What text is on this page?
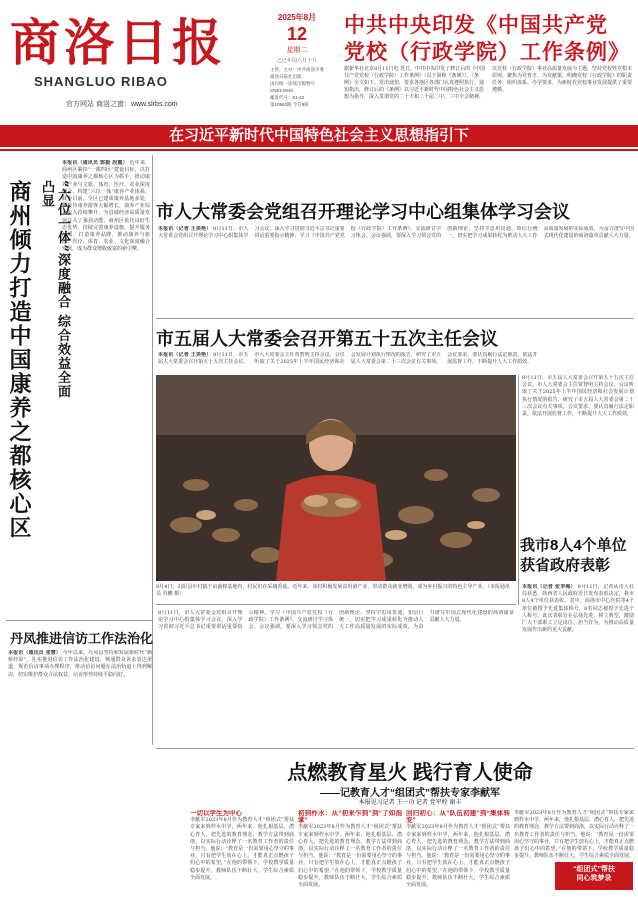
商洛日报
SHANGLUO RIBAO
官方网站 商洛之窗：www.slrbs.com
2025年8月
12
星期二
乙巳年闰六月十九
主管、主办：中共商洛市委
商洛日报社出版
国内统一连续出版物号
CN61-0046
邮发代号：51-42
第10963期 今日8版
中共中央印发《中国共产党
党校（行政学院）工作条例》
据新华社北京8月11日电 近日，中共中央印发了修订后的《中国共产党党校（行政学院）工作条例》（以下简称《条例》）。《条例》全文如下。发出通知，要求各地区各部门认真遵照执行。通知指出，修订后的《条例》以习近平新时代中国特色社会主义思想为指导，深入贯彻党的二十大和二十届二中、三中全会精神，以党校（行政学院）事业高质量发展为主题，坚持党校姓党根本原则，聚焦为党育才、为党献策，明确党校（行政学院）的职责任务、组织体系、办学要求，为新时代党校事业发展提供了重要遵循。
在习近平新时代中国特色社会主义思想指引下
商州倾力打造中国康养之都核心区	“六位一体”深度融合 综合效益全面凸显
本报讯（通讯员 郭毅 段霞） 近年来，商州区紧扣“一都四区”建设目标，以打造中国康养之都核心区为抓手，推动康养产业与文旅、体育、医疗、农业深度融合，构建“六位一体”康养产业体系。截至目前，全区已建成康养基地多处，年接待康养游客大幅增长，康养产业综合收入持续攀升，为县域经济高质量发展注入了强劲动能。商州区依托良好生态优势，持续完善康养设施，提升服务品质，打造康养品牌，推动康养与旅游、医疗、体育、农业、文化深度融合发展，成为群众增收致富的新引擎。
丹凤推进信访工作法治化
本报讯（通讯员 张慧） 今年以来，丹凤县坚持和发展新时代“枫桥经验”，扎实推进信访工作法治化建设，畅通群众诉求表达渠道，规范信访事项办理程序，推动信访问题在法治轨道上得到解决，切实维护群众合法权益，信访形势持续平稳向好。
市人大常委会党组召开理论学习中心组集体学习会议
本报讯（记者 王美艳） 8月11日，市人大常委会党组召开理论学习中心组集体学习会议，深入学习贯彻习近平总书记重要讲话重要指示精神，学习《中国共产党党校（行政学院）工作条例》，交流研讨学习体会。会议强调，要深入学习领会党的创新理论，坚持学思用贯通、知信行统一，切实把学习成果转化为推动人大工作高质量发展的实际成效，为奋力谱写中国式现代化建设的商洛篇章贡献人大力量。
市五届人大常委会召开第五十五次主任会议
本报讯（记者 王美艳） 8月11日，市五届人大常委会召开第五十五次主任会议。市人大常委会主任贾智明主持会议，会议听取了关于2025年上半年国民经济和社会发展计划执行情况的报告，研究了市五届人大常委会第二十三次会议有关事项。会议要求，要认真履行法定职责，依法开展监督工作，不断提升人大工作质效。
8月4日，山阳县中村镇千亩菌棒基地内，村民们在采摘香菇。近年来，该村积极发展食用菌产业，带动群众就业增收，成为乡村振兴的特色主导产业。（本报通讯员 谷鹏 摄）
我市8人4个单位获省政府表彰
本报讯（记者 张李梅） 8月11日，记者从市人社局获悉，陕西省人民政府近日发布表彰决定，我市8人4个单位获表彰。其中，商洛市中心医院等4个单位被授予先进集体称号，8名同志被授予先进个人称号。此次表彰旨在弘扬先进、树立典型，激励广大干部职工立足岗位、担当作为，为推动高质量发展作出新的更大贡献。
8月11日，市五届人大常委会召开第五十五次主任会议。市人大常委会主任贾智明主持会议，会议听取了关于2025年上半年国民经济和社会发展计划执行情况的报告，研究了市五届人大常委会第二十三次会议有关事项。会议要求，要认真履行法定职责，依法开展监督工作，不断提升人大工作质效。
8月11日，市人大常委会党组召开理论学习中心组集体学习会议，深入学习贯彻习近平总书记重要讲话重要指示精神，学习《中国共产党党校（行政学院）工作条例》，交流研讨学习体会。会议强调，要深入学习领会党的创新理论，坚持学思用贯通、知信行统一，切实把学习成果转化为推动人大工作高质量发展的实际成效，为奋力谱写中国式现代化建设的商洛篇章贡献人大力量。
点燃教育星火 践行育人使命
——记教育人才“组团式”帮扶专家李献军
本报见习记者 王一功 记者 党军栓 谢丰
一切以学生为中心
李献军2023年8月作为教育人才“组团式”帮扶专家来到柞水中学，两年来，他扎根基层、潜心育人，把先进的教育理念、教学方法带到商洛，以实际行动诠释了一名教育工作者的责任与担当。他说：“教育是一份需要用心坚守的事业，只有把学生放在心上，才能真正点燃孩子们心中的希望。”在他的带领下，学校教学质量稳步提升，教师队伍不断壮大，学生综合素质全面发展。
初到柞水：从“初来乍到”到“了如指掌”
李献军2023年8月作为教育人才“组团式”帮扶专家来到柞水中学，两年来，他扎根基层、潜心育人，把先进的教育理念、教学方法带到商洛，以实际行动诠释了一名教育工作者的责任与担当。他说：“教育是一份需要用心坚守的事业，只有把学生放在心上，才能真正点燃孩子们心中的希望。”在他的带领下，学校教学质量稳步提升，教师队伍不断壮大，学生综合素质全面发展。
回归初心：从“队伍初建”到“集体转变”
李献军2023年8月作为教育人才“组团式”帮扶专家来到柞水中学，两年来，他扎根基层、潜心育人，把先进的教育理念、教学方法带到商洛，以实际行动诠释了一名教育工作者的责任与担当。他说：“教育是一份需要用心坚守的事业，只有把学生放在心上，才能真正点燃孩子们心中的希望。”在他的带领下，学校教学质量稳步提升，教师队伍不断壮大，学生综合素质全面发展。
李献军2023年8月作为教育人才“组团式”帮扶专家来到柞水中学，两年来，他扎根基层、潜心育人，把先进的教育理念、教学方法带到商洛，以实际行动诠释了一名教育工作者的责任与担当。他说：“教育是一份需要用心坚守的事业，只有把学生放在心上，才能真正点燃孩子们心中的希望。”在他的带领下，学校教学质量稳步提升，教师队伍不断壮大，学生综合素质全面发展。
“组团式”帮扶
同心筑梦录
